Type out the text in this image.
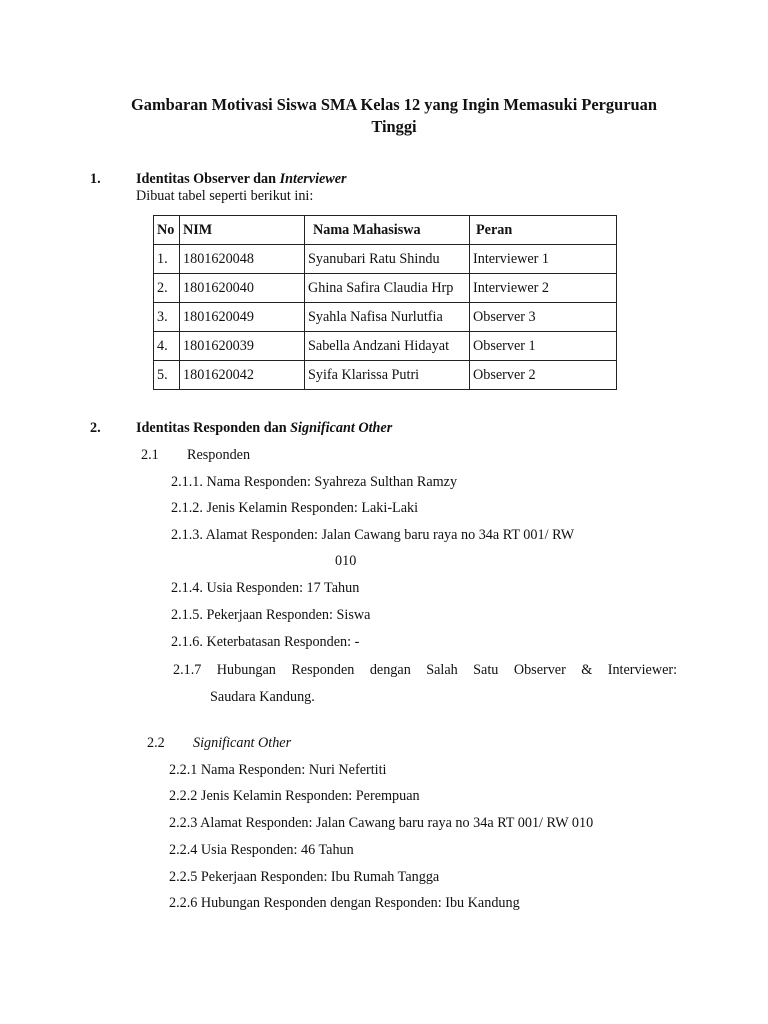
Gambaran Motivasi Siswa SMA Kelas 12 yang Ingin Memasuki Perguruan
Tinggi
1. Identitas Observer dan Interviewer
Dibuat tabel seperti berikut ini:
No	NIM	Nama Mahasiswa	Peran
1.	1801620048	Syanubari Ratu Shindu	Interviewer 1
2.	1801620040	Ghina Safira Claudia Hrp	Interviewer 2
3.	1801620049	Syahla Nafisa Nurlutfia	Observer 3
4.	1801620039	Sabella Andzani Hidayat	Observer 1
5.	1801620042	Syifa Klarissa Putri	Observer 2
2. Identitas Responden dan Significant Other
2.1 Responden
2.1.1. Nama Responden: Syahreza Sulthan Ramzy
2.1.2. Jenis Kelamin Responden: Laki-Laki
2.1.3. Alamat Responden: Jalan Cawang baru raya no 34a RT 001/ RW
010
2.1.4. Usia Responden: 17 Tahun
2.1.5. Pekerjaan Responden: Siswa
2.1.6. Keterbatasan Responden: -
2.1.7 Hubungan Responden dengan Salah Satu Observer & Interviewer:
Saudara Kandung.
2.2 Significant Other
2.2.1 Nama Responden: Nuri Nefertiti
2.2.2 Jenis Kelamin Responden: Perempuan
2.2.3 Alamat Responden: Jalan Cawang baru raya no 34a RT 001/ RW 010
2.2.4 Usia Responden: 46 Tahun
2.2.5 Pekerjaan Responden: Ibu Rumah Tangga
2.2.6 Hubungan Responden dengan Responden: Ibu Kandung
